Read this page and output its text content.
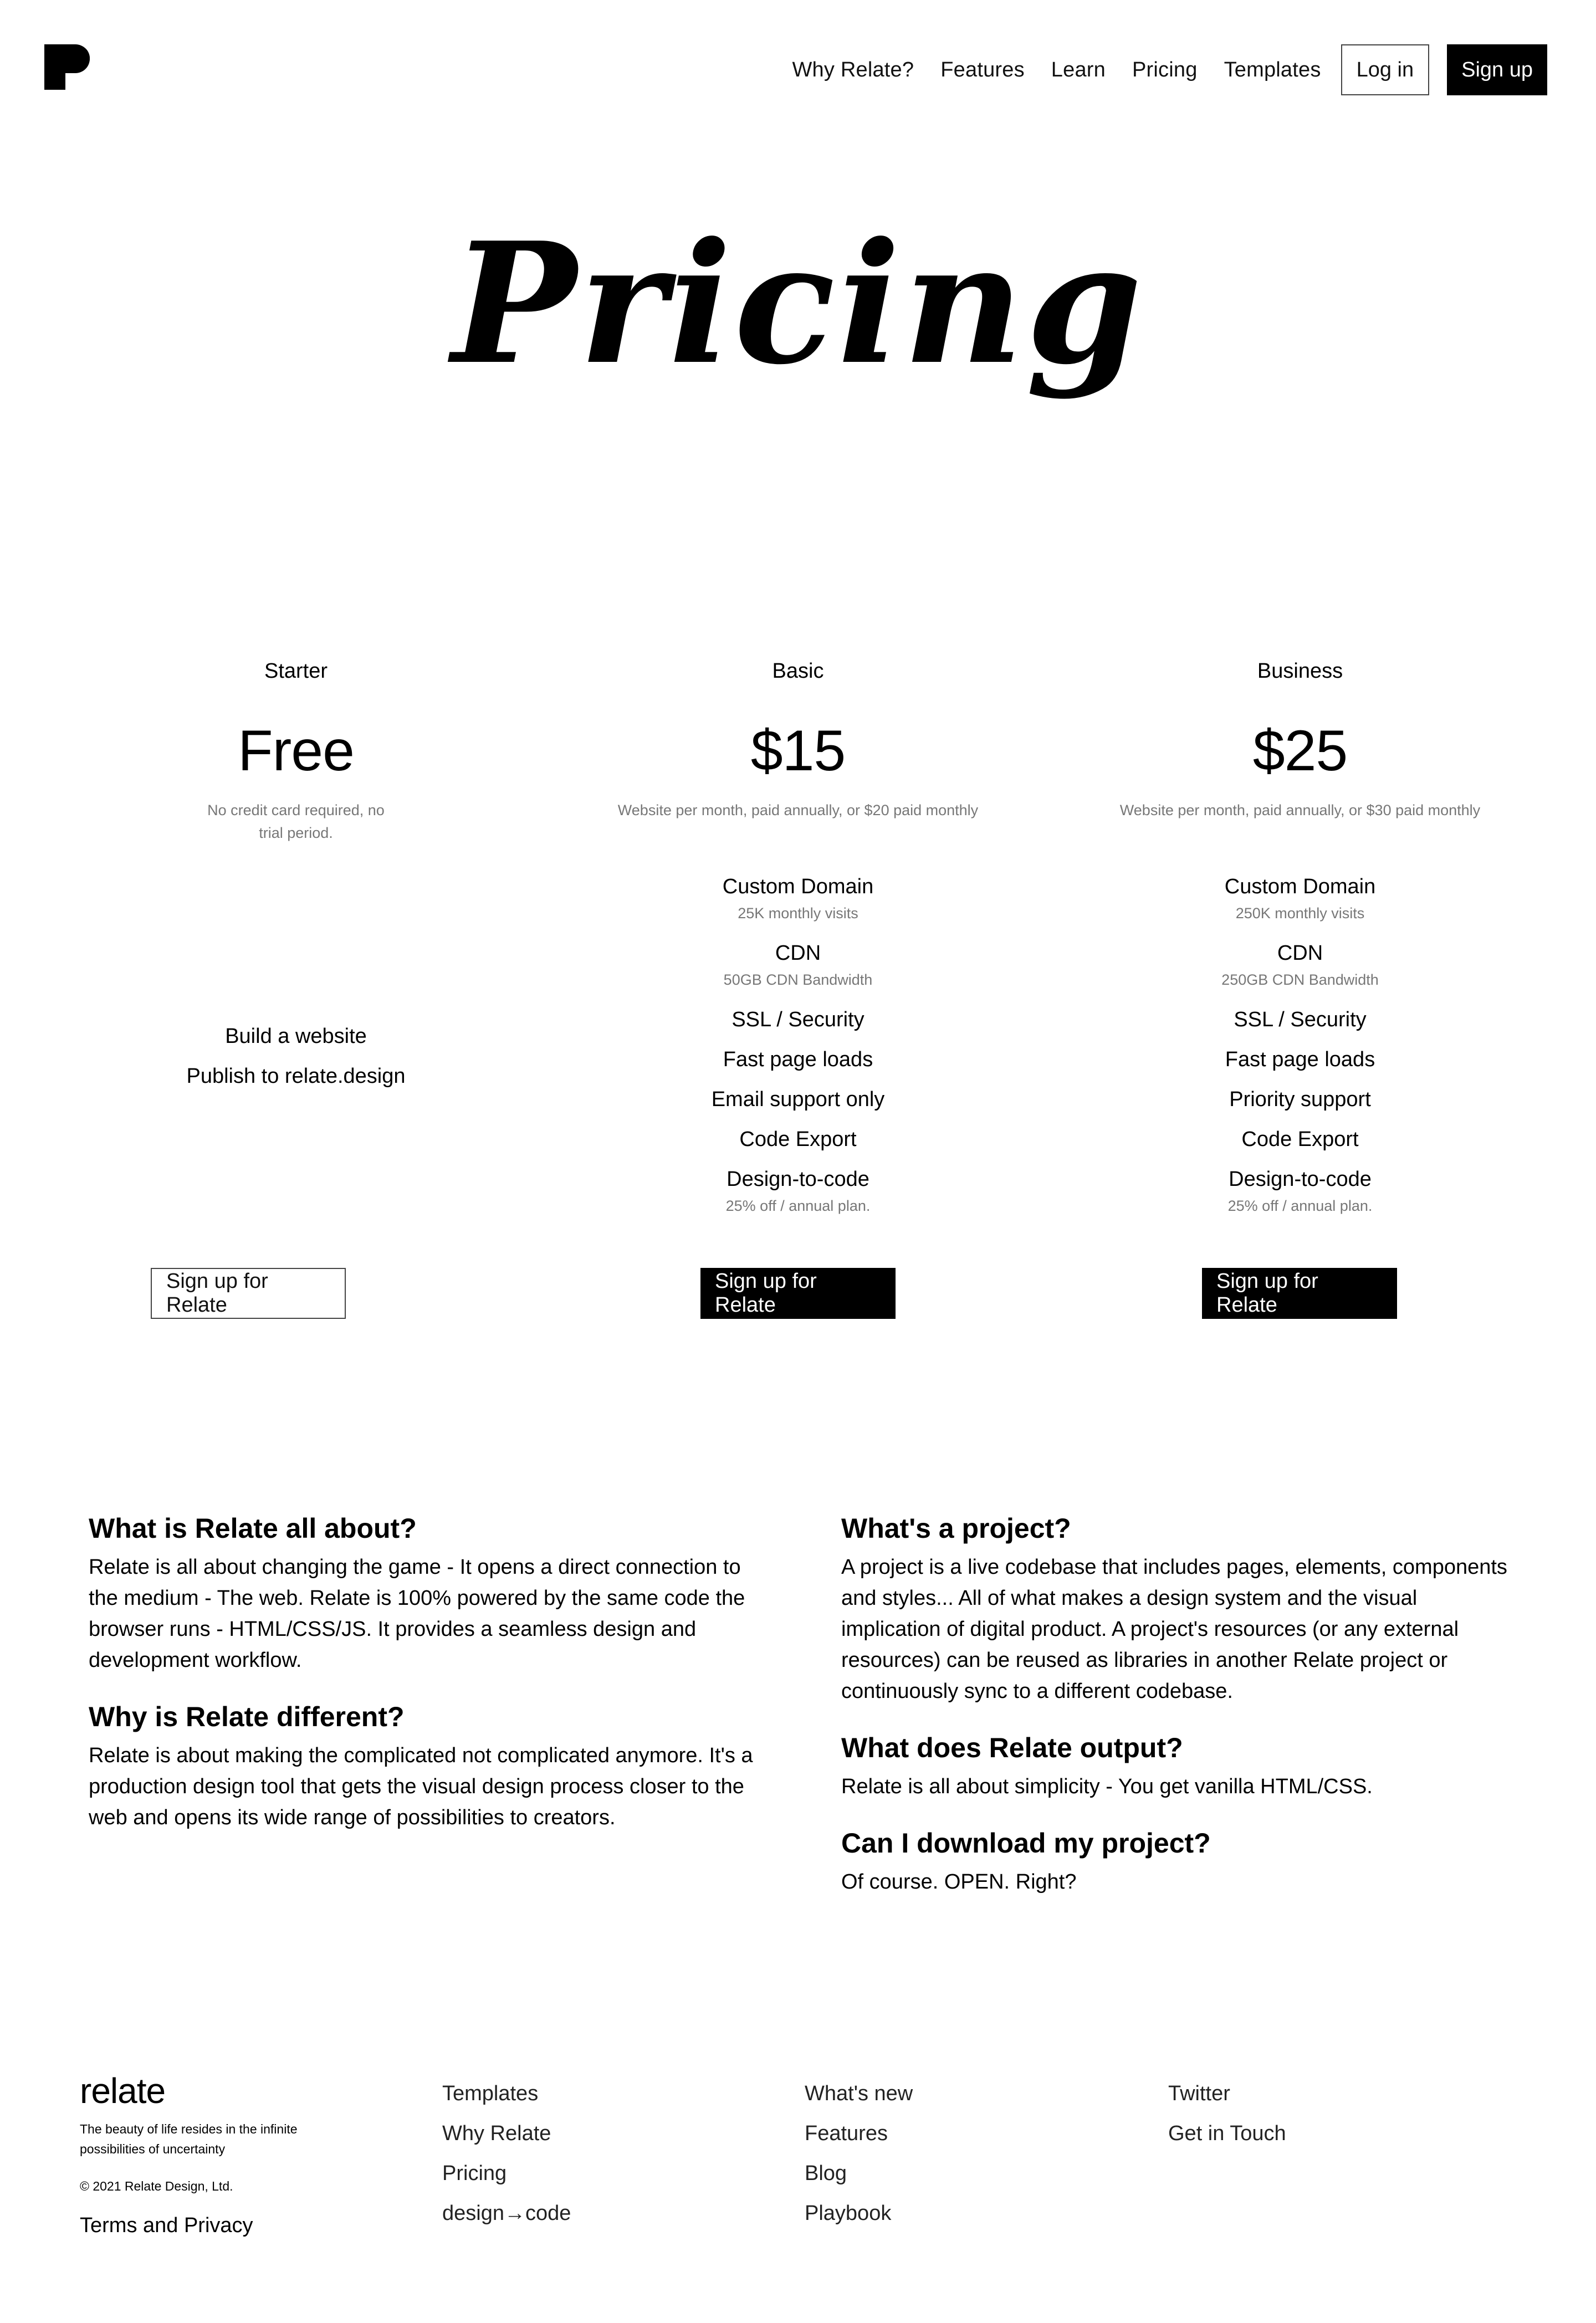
Why Relate? Features Learn Pricing Templates	Log in	Sign up
Pricing
Starter
Free
No credit card required, no trial period.
Build a website
Publish to relate.design
Basic
$15
Website per month, paid annually, or $20 paid monthly
Custom Domain
25K monthly visits
CDN
50GB CDN Bandwidth
SSL / Security
Fast page loads
Email support only
Code Export
Design-to-code
25% off / annual plan.
Business
$25
Website per month, paid annually, or $30 paid monthly
Custom Domain
250K monthly visits
CDN
250GB CDN Bandwidth
SSL / Security
Fast page loads
Priority support
Code Export
Design-to-code
25% off / annual plan.
Sign up for Relate
Sign up for Relate
Sign up for Relate
What is Relate all about?

Relate is all about changing the game - It opens a direct connection to the medium - The web. Relate is 100% powered by the same code the browser runs - HTML/CSS/JS. It provides a seamless design and development workflow.

Why is Relate different?

Relate is about making the complicated not complicated anymore. It's a production design tool that gets the visual design process closer to the web and opens its wide range of possibilities to creators.

What's a project?

A project is a live codebase that includes pages, elements, components and styles... All of what makes a design system and the visual implication of digital product. A project's resources (or any external resources) can be reused as libraries in another Relate project or continuously sync to a different codebase.

What does Relate output?

Relate is all about simplicity - You get vanilla HTML/CSS.

Can I download my project?

Of course. OPEN. Right?

relate
The beauty of life resides in the infinite possibilities of uncertainty
© 2021 Relate Design, Ltd.
Terms and Privacy
Templates
Why Relate
Pricing
design→code
What's new
Features
Blog
Playbook
Twitter
Get in Touch
